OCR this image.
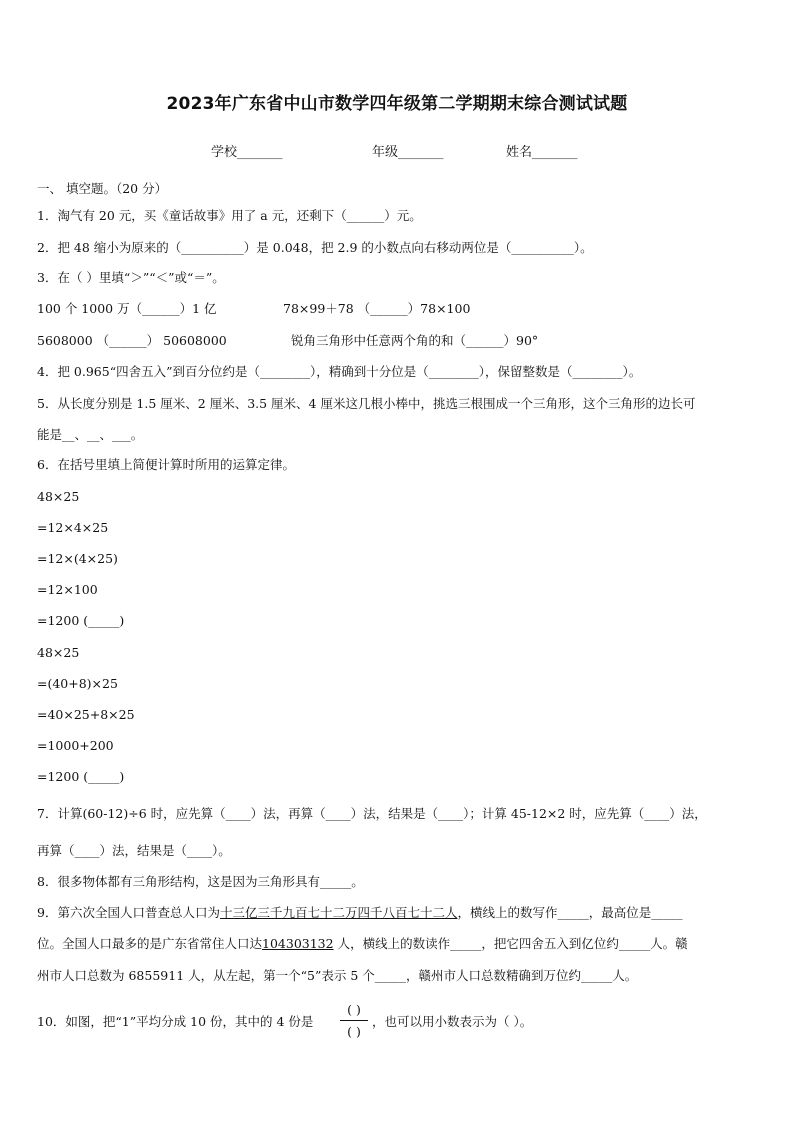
2023年广东省中山市数学四年级第二学期期末综合测试试题
学校_______	年级_______	姓名_______
一、 填空题。（20 分）
1．淘气有 20 元，买《童话故事》用了 a 元，还剩下（______）元。
2．把 48 缩小为原来的（__________）是 0.048，把 2.9 的小数点向右移动两位是（__________）。
3．在（ ）里填“＞”“＜”或“＝”。
100 个 1000 万（______）1 亿	78×99＋78 （______）78×100
5608000 （______） 50608000	锐角三角形中任意两个角的和（______）90°
4．把 0.965“四舍五入”到百分位约是（________），精确到十分位是（________），保留整数是（________）。
5．从长度分别是 1.5 厘米、2 厘米、3.5 厘米、4 厘米这几根小棒中，挑选三根围成一个三角形，这个三角形的边长可
能是__、__、___。
6．在括号里填上简便计算时所用的运算定律。
48×25
=12×4×25
=12×(4×25)
=12×100
=1200 (_____)
48×25
=(40+8)×25
=40×25+8×25
=1000+200
=1200 (_____)
7．计算(60-12)÷6 时，应先算（____）法，再算（____）法，结果是（____）；计算 45-12×2 时，应先算（____）法，
再算（____）法，结果是（____）。
8．很多物体都有三角形结构，这是因为三角形具有_____。
9．第六次全国人口普查总人口为十三亿三千九百七十二万四千八百七十二人，横线上的数写作_____，最高位是_____
位。全国人口最多的是广东省常住人口达104303132 人，横线上的数读作_____，把它四舍五入到亿位约_____人。赣
州市人口总数为 6855911 人，从左起，第一个“5”表示 5 个_____，赣州市人口总数精确到万位约_____人。
10．如图，把“1”平均分成 10 份，其中的 4 份是
( )
( )
，也可以用小数表示为（ ）。
